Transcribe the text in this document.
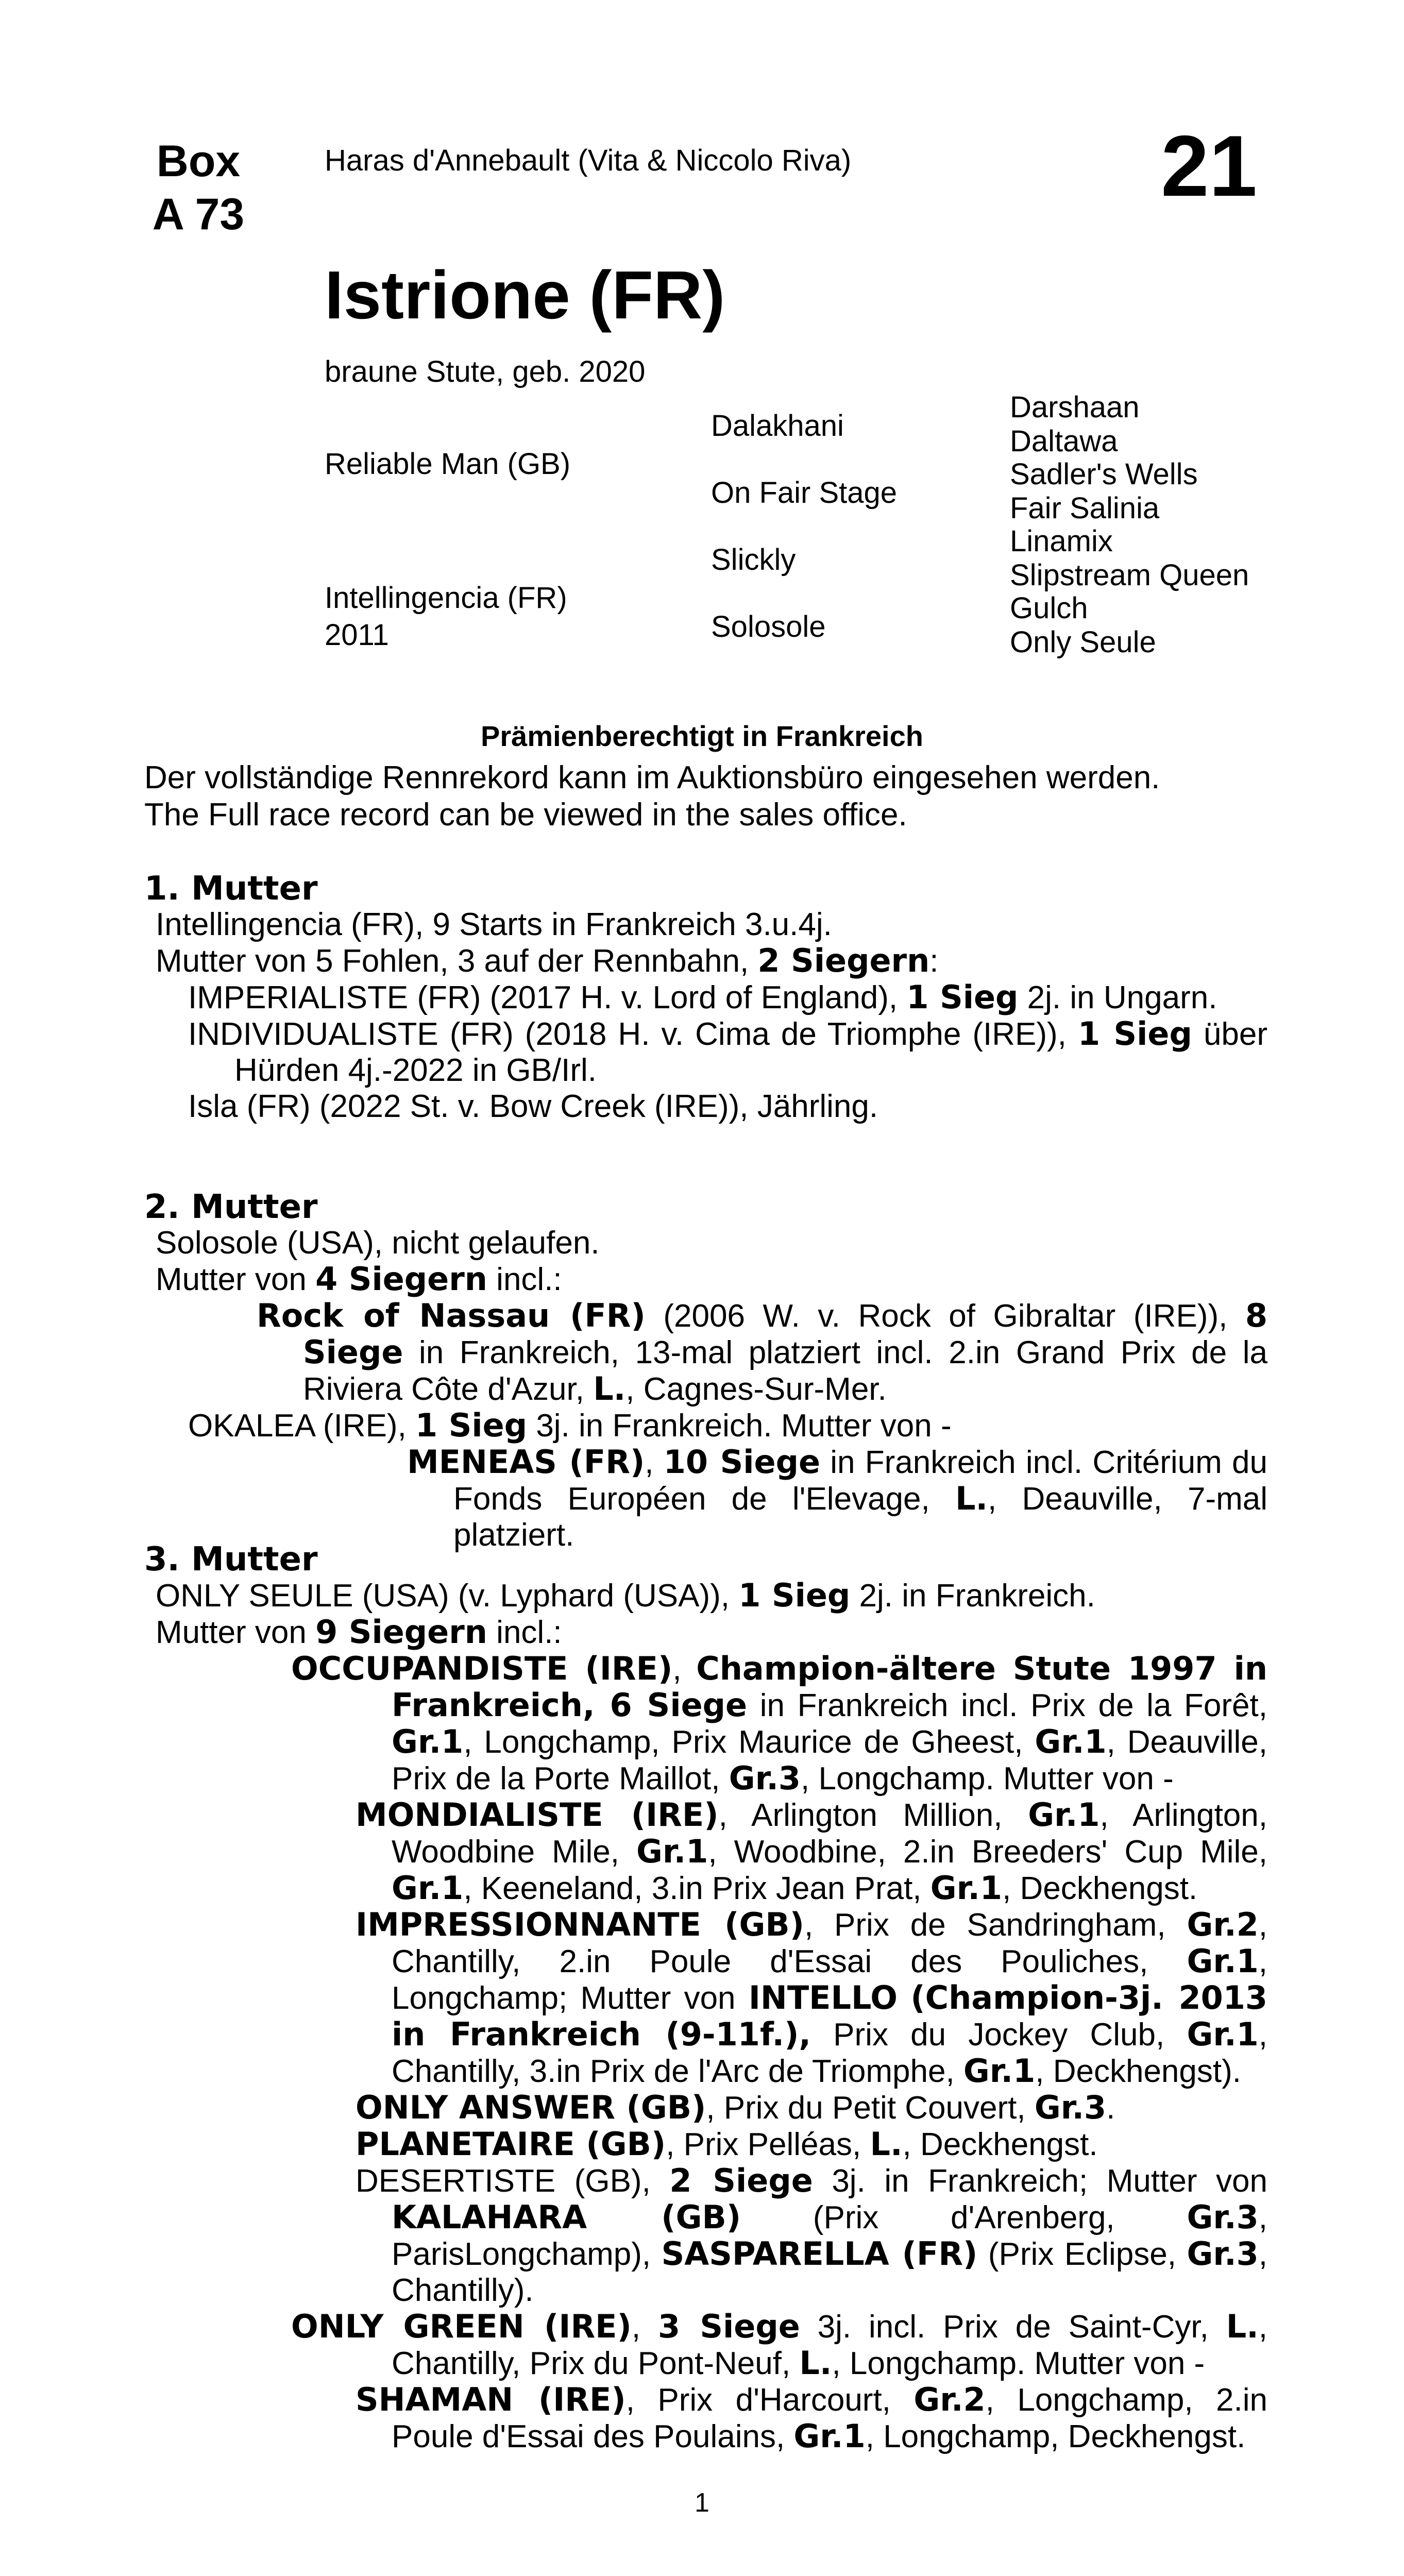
Box
A 73
Haras d'Annebault (Vita & Niccolo Riva)	21
Istrione (FR)
braune Stute, geb. 2020
Reliable Man (GB)
Intellingencia (FR)
2011
Dalakhani
On Fair Stage
Slickly
Solosole
Darshaan
Daltawa
Sadler's Wells
Fair Salinia
Linamix
Slipstream Queen
Gulch
Only Seule
Prämienberechtigt in Frankreich
Der vollständige Rennrekord kann im Auktionsbüro eingesehen werden.
The Full race record can be viewed in the sales office.
1. Mutter
Intellingencia (FR), 9 Starts in Frankreich 3.u.4j.
Mutter von 5 Fohlen, 3 auf der Rennbahn, 2 Siegern:
IMPERIALISTE (FR) (2017 H. v. Lord of England), 1 Sieg 2j. in Ungarn.
INDIVIDUALISTE (FR) (2018 H. v. Cima de Triomphe (IRE)), 1 Sieg über Hürden 4j.-2022 in GB/Irl.
Isla (FR) (2022 St. v. Bow Creek (IRE)), Jährling.
2. Mutter
Solosole (USA), nicht gelaufen.
Mutter von 4 Siegern incl.:
Rock of Nassau (FR) (2006 W. v. Rock of Gibraltar (IRE)), 8 Siege in Frankreich, 13-mal platziert incl. 2.in Grand Prix de la Riviera Côte d'Azur, L., Cagnes-Sur-Mer.
OKALEA (IRE), 1 Sieg 3j. in Frankreich. Mutter von -
MENEAS (FR), 10 Siege in Frankreich incl. Critérium du Fonds Européen de l'Elevage, L., Deauville, 7-mal platziert.
3. Mutter
ONLY SEULE (USA) (v. Lyphard (USA)), 1 Sieg 2j. in Frankreich.
Mutter von 9 Siegern incl.:
OCCUPANDISTE (IRE), Champion-ältere Stute 1997 in Frankreich, 6 Siege in Frankreich incl. Prix de la Forêt, Gr.1, Longchamp, Prix Maurice de Gheest, Gr.1, Deauville, Prix de la Porte Maillot, Gr.3, Longchamp. Mutter von -
MONDIALISTE (IRE), Arlington Million, Gr.1, Arlington, Woodbine Mile, Gr.1, Woodbine, 2.in Breeders' Cup Mile, Gr.1, Keeneland, 3.in Prix Jean Prat, Gr.1, Deckhengst.
IMPRESSIONNANTE (GB), Prix de Sandringham, Gr.2, Chantilly, 2.in Poule d'Essai des Pouliches, Gr.1, Longchamp; Mutter von INTELLO (Champion-3j. 2013 in Frankreich (9-11f.), Prix du Jockey Club, Gr.1, Chantilly, 3.in Prix de l'Arc de Triomphe, Gr.1, Deckhengst).
ONLY ANSWER (GB), Prix du Petit Couvert, Gr.3.
PLANETAIRE (GB), Prix Pelléas, L., Deckhengst.
DESERTISTE (GB), 2 Siege 3j. in Frankreich; Mutter von KALAHARA (GB) (Prix d'Arenberg, Gr.3, ParisLongchamp), SASPARELLA (FR) (Prix Eclipse, Gr.3, Chantilly).
ONLY GREEN (IRE), 3 Siege 3j. incl. Prix de Saint-Cyr, L., Chantilly, Prix du Pont-Neuf, L., Longchamp. Mutter von -
SHAMAN (IRE), Prix d'Harcourt, Gr.2, Longchamp, 2.in Poule d'Essai des Poulains, Gr.1, Longchamp, Deckhengst.
1
